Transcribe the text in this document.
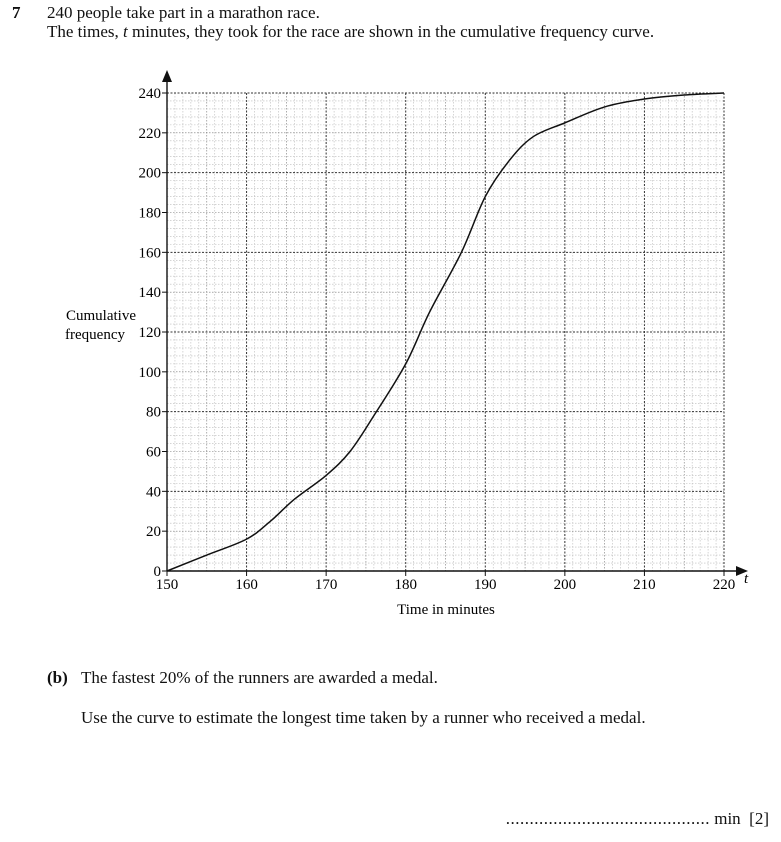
7 240 people take part in a marathon race.
The times, t minutes, they took for the race are shown in the cumulative frequency curve.
0
20
40
60
80
100
120
140
160
180
200
220
240
150	160	170	180	190	200	210	220
Cumulative
frequency
Time in minutes
t
(b) The fastest 20% of the runners are awarded a medal.
Use the curve to estimate the longest time taken by a runner who received a medal.
........................................... min [2]
